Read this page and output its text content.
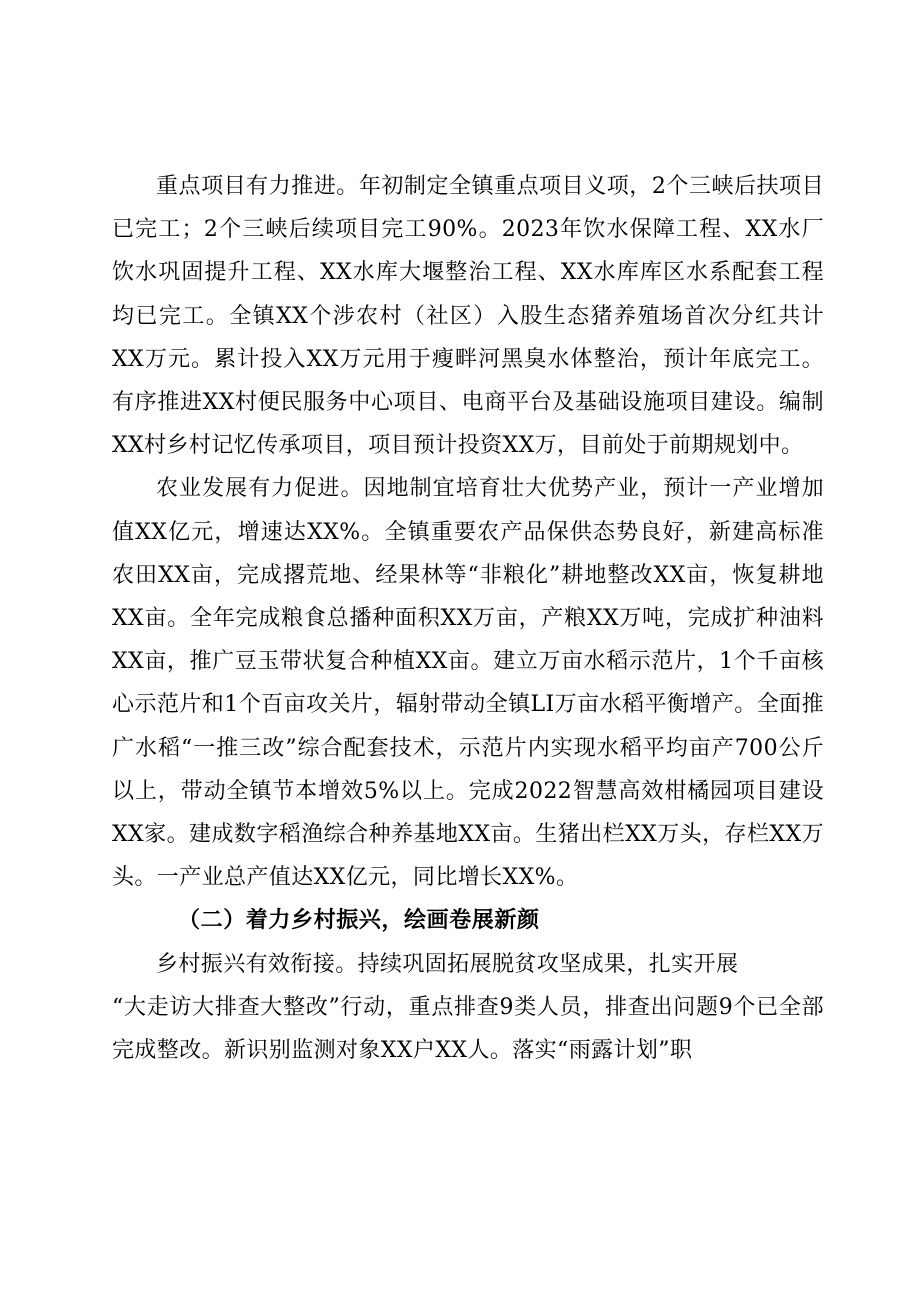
重点项目有力推进。年初制定全镇重点项目义项，2个三峡后扶项目已完工；2个三峡后续项目完工90%。2023年饮水保障工程、XX水厂饮水巩固提升工程、XX水库大堰整治工程、XX水库库区水系配套工程均已完工。全镇XX个涉农村（社区）入股生态猪养殖场首次分红共计XX万元。累计投入XX万元用于瘦畔河黑臭水体整治，预计年底完工。有序推进XX村便民服务中心项目、电商平台及基础设施项目建设。编制XX村乡村记忆传承项目，项目预计投资XX万，目前处于前期规划中。

农业发展有力促进。因地制宜培育壮大优势产业，预计一产业增加值XX亿元，增速达XX%。全镇重要农产品保供态势良好，新建高标准农田XX亩，完成撂荒地、经果林等“非粮化”耕地整改XX亩，恢复耕地XX亩。全年完成粮食总播种面积XX万亩，产粮XX万吨，完成扩种油料XX亩，推广豆玉带状复合种植XX亩。建立万亩水稻示范片，1个千亩核心示范片和1个百亩攻关片，辐射带动全镇LI万亩水稻平衡增产。全面推广水稻“一推三改”综合配套技术，示范片内实现水稻平均亩产700公斤以上，带动全镇节本增效5%以上。完成2022智慧高效柑橘园项目建设XX家。建成数字稻渔综合种养基地XX亩。生猪出栏XX万头，存栏XX万头。一产业总产值达XX亿元，同比增长XX%。

（二）着力乡村振兴，绘画卷展新颜

乡村振兴有效衔接。持续巩固拓展脱贫攻坚成果，扎实开展

“大走访大排查大整改”行动，重点排查9类人员，排查出问题9个已全部完成整改。新识别监测对象XX户XX人。落实“雨露计划”职
